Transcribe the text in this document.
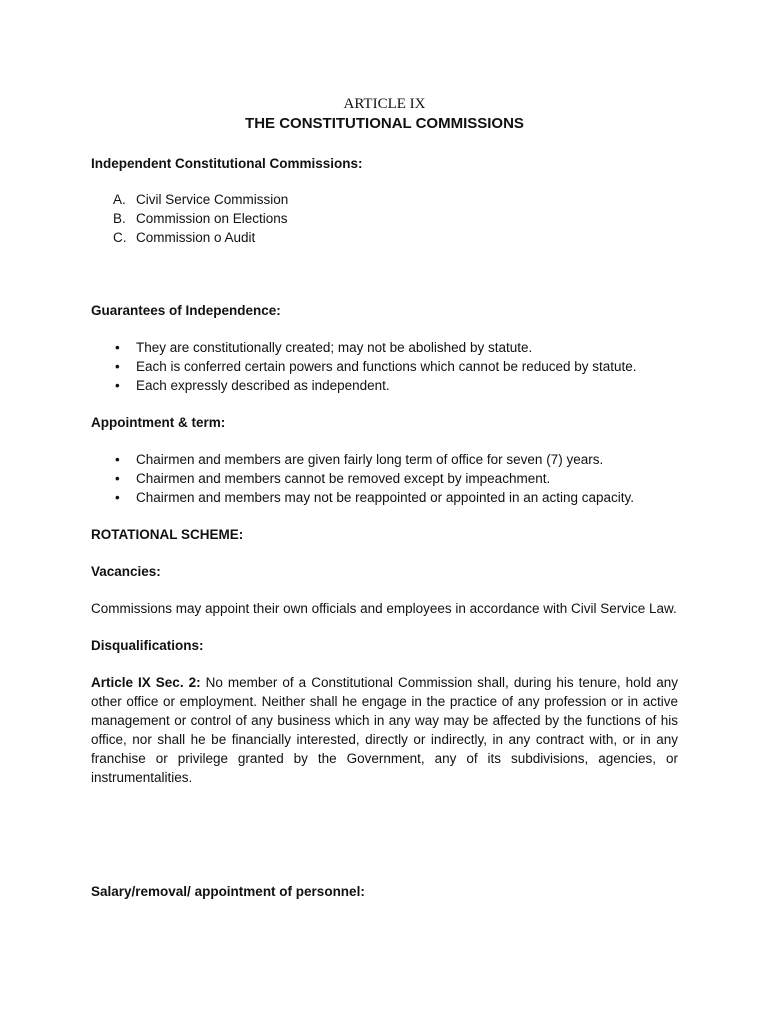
ARTICLE IX

THE CONSTITUTIONAL COMMISSIONS

Independent Constitutional Commissions:

A. Civil Service Commission
B. Commission on Elections
C. Commission o Audit

Guarantees of Independence:

• They are constitutionally created; may not be abolished by statute.
• Each is conferred certain powers and functions which cannot be reduced by statute.
• Each expressly described as independent.

Appointment & term:

• Chairmen and members are given fairly long term of office for seven (7) years.
• Chairmen and members cannot be removed except by impeachment.
• Chairmen and members may not be reappointed or appointed in an acting capacity.

ROTATIONAL SCHEME:

Vacancies:

Commissions may appoint their own officials and employees in accordance with Civil Service Law.

Disqualifications:

Article IX Sec. 2: No member of a Constitutional Commission shall, during his tenure, hold any other office or employment. Neither shall he engage in the practice of any profession or in active management or control of any business which in any way may be affected by the functions of his office, nor shall he be financially interested, directly or indirectly, in any contract with, or in any franchise or privilege granted by the Government, any of its subdivisions, agencies, or instrumentalities.

Salary/removal/ appointment of personnel:
